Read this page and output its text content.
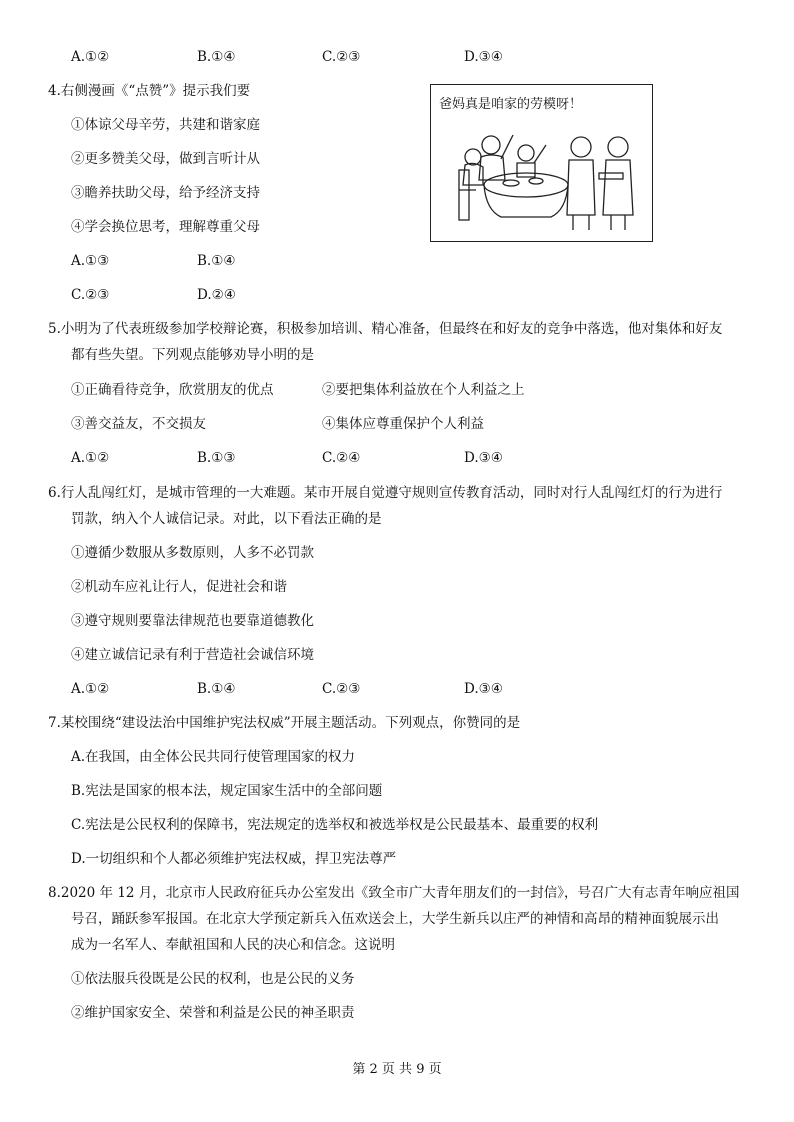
A.①②	B.①④	C.②③	D.③④
4.右侧漫画《“点赞”》提示我们要
①体谅父母辛劳，共建和谐家庭
②更多赞美父母，做到言听计从
③瞻养扶助父母，给予经济支持
④学会换位思考，理解尊重父母
A.①③	B.①④
C.②③	D.②④
爸妈真是咱家的劳模呀！
5.小明为了代表班级参加学校辩论赛，积极参加培训、精心准备，但最终在和好友的竞争中落选，他对集体和好友
都有些失望。下列观点能够劝导小明的是
①正确看待竞争，欣赏朋友的优点	②要把集体利益放在个人利益之上
③善交益友，不交损友	④集体应尊重保护个人利益
A.①②	B.①③	C.②④	D.③④
6.行人乱闯红灯，是城市管理的一大难题。某市开展自觉遵守规则宣传教育活动，同时对行人乱闯红灯的行为进行
罚款，纳入个人诚信记录。对此，以下看法正确的是
①遵循少数服从多数原则，人多不必罚款
②机动车应礼让行人，促进社会和谐
③遵守规则要靠法律规范也要靠道德教化
④建立诚信记录有利于营造社会诚信环境
A.①②	B.①④	C.②③	D.③④
7.某校围绕“建设法治中国维护宪法权威”开展主题活动。下列观点，你赞同的是
A.在我国，由全体公民共同行使管理国家的权力
B.宪法是国家的根本法，规定国家生活中的全部问题
C.宪法是公民权利的保障书，宪法规定的选举权和被选举权是公民最基本、最重要的权利
D.一切组织和个人都必须维护宪法权威，捍卫宪法尊严
8.2020 年 12 月，北京市人民政府征兵办公室发出《致全市广大青年朋友们的一封信》，号召广大有志青年响应祖国
号召，踊跃参军报国。在北京大学预定新兵入伍欢送会上，大学生新兵以庄严的神情和高昂的精神面貌展示出
成为一名军人、奉献祖国和人民的决心和信念。这说明
①依法服兵役既是公民的权利，也是公民的义务
②维护国家安全、荣誉和利益是公民的神圣职责
第 2 页 共 9 页
